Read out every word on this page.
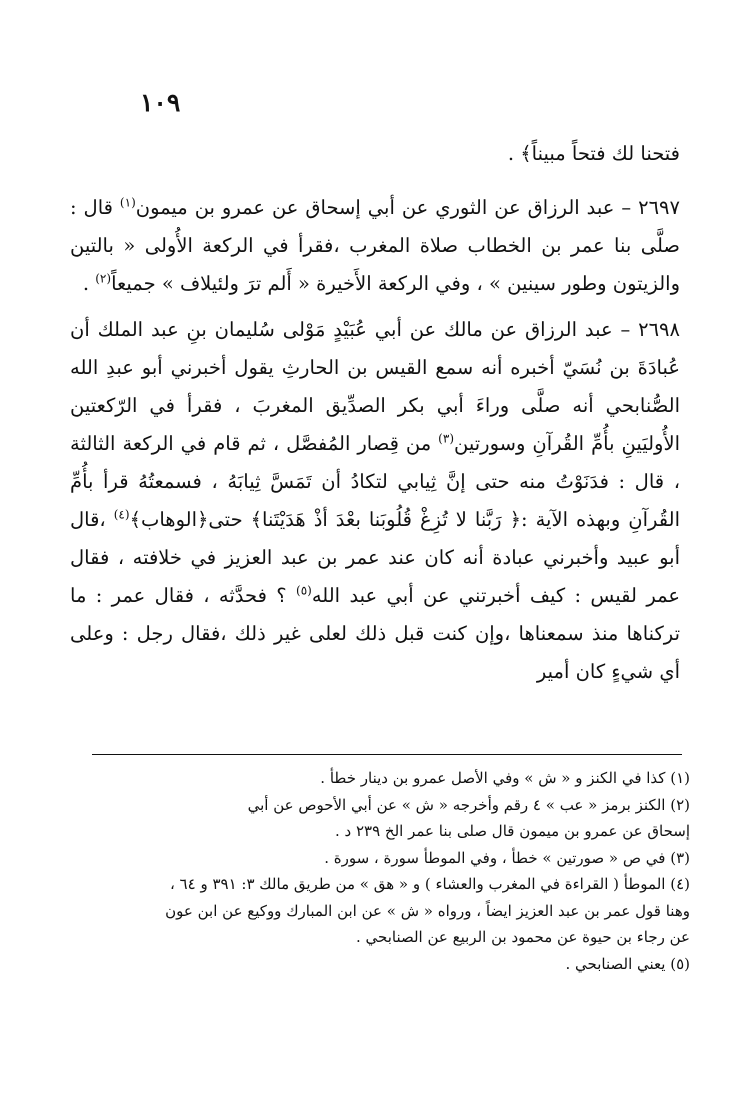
١٠٩

فتحنا لك فتحاً مبيناً﴾ .

٢٦٩٧ – عبد الرزاق عن الثوري عن أبي إسحاق عن عمرو بن ميمون$^{(١)}$ قال : صلَّى بنا عمر بن الخطاب صلاة المغرب ،فقرأ في الركعة الأُولى « بالتين والزيتون وطور سينين » ، وفي الركعة الأَخيرة « أَلم ترَ ولئيلاف » جميعاً$^{(٢)}$ .

٢٦٩٨ – عبد الرزاق عن مالك عن أبي عُبَيْدٍ مَوْلى سُليمان بنِ عبد الملك أن عُبادَةَ بن نُسَيّ أخبره أنه سمع القيس بن الحارثِ يقول أخبرني أبو عبدِ الله الصُّنابحي أنه صلَّى وراءَ أبي بكر الصدِّيق المغربَ ، فقرأ في الرّكعتين الأُوليَينِ بأُمِّ القُرآنِ وسورتين$^{(٣)}$ من قِصار المُفصَّل ، ثم قام في الركعة الثالثة ، قال : فدَنَوْتُ منه حتى إنَّ ثِيابي لتكادُ أن تَمَسَّ ثِيابَهُ ، فسمعتُهُ قرأ بأُمِّ القُرآنِ وبهذه الآية :﴿ رَبَّنا لا تُزِغْ قُلُوبَنا بعْدَ أذْ هَدَيْتَنا﴾ حتى﴿الوهاب﴾$^{(٤)}$ ،قال أبو عبيد وأخبرني عبادة أنه كان عند عمر بن عبد العزيز في خلافته ، فقال عمر لقيس : كيف أخبرتني عن أبي عبد الله$^{(٥)}$ ؟ فحدَّثه ، فقال عمر : ما تركناها منذ سمعناها ،وإن كنت قبل ذلك لعلى غير ذلك ،فقال رجل : وعلى أي شيءٍ كان أمير

(١) كذا في الكنز و « ش » وفي الأصل عمرو بن دينار خطأ .

(٢) الكنز برمز « عب » ٤ رقم وأخرجه « ش » عن أبي الأحوص عن أبي

إسحاق عن عمرو بن ميمون قال صلى بنا عمر الخ ٢٣٩ د .

(٣) في ص « صورتين » خطأ ، وفي الموطأ سورة ، سورة .

(٤) الموطأ ( القراءة في المغرب والعشاء ) و « هق » من طريق مالك ٣: ٣٩١ و ٦٤ ،

وهنا قول عمر بن عبد العزيز ايضاً ، ورواه « ش » عن ابن المبارك ووكيع عن ابن عون

عن رجاء بن حيوة عن محمود بن الربيع عن الصنابحي .

(٥) يعني الصنابحي .
